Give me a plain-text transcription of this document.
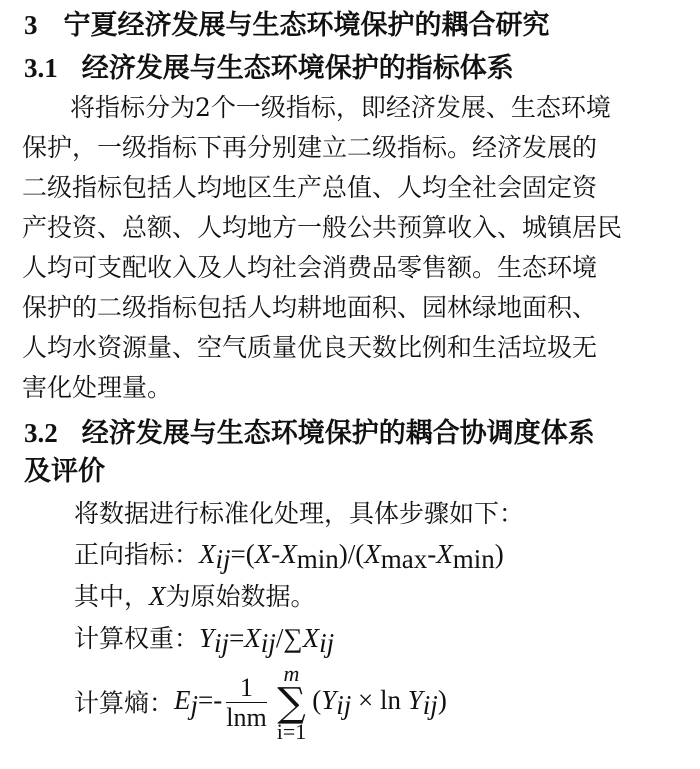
3 宁夏经济发展与生态环境保护的耦合研究
3.1 经济发展与生态环境保护的指标体系
将指标分为2个一级指标，即经济发展、生态环境
保护，一级指标下再分别建立二级指标。经济发展的
二级指标包括人均地区生产总值、人均全社会固定资
产投资、总额、人均地方一般公共预算收入、城镇居民
人均可支配收入及人均社会消费品零售额。生态环境
保护的二级指标包括人均耕地面积、园林绿地面积、
人均水资源量、空气质量优良天数比例和生活垃圾无
害化处理量。
3.2 经济发展与生态环境保护的耦合协调度体系
及评价
将数据进行标准化处理，具体步骤如下：
正向指标：$X_{ij}=(X-X_{min})/(X_{max}-X_{min})$
其中，X为原始数据。
计算权重：$Y_{ij}=X_{ij}/\sum X_{ij}$
计算熵：$E_j=- \frac{1}{\ln m}$ m
∑
i=1
$(Y_{ij} \times \ln Y_{ij})$
